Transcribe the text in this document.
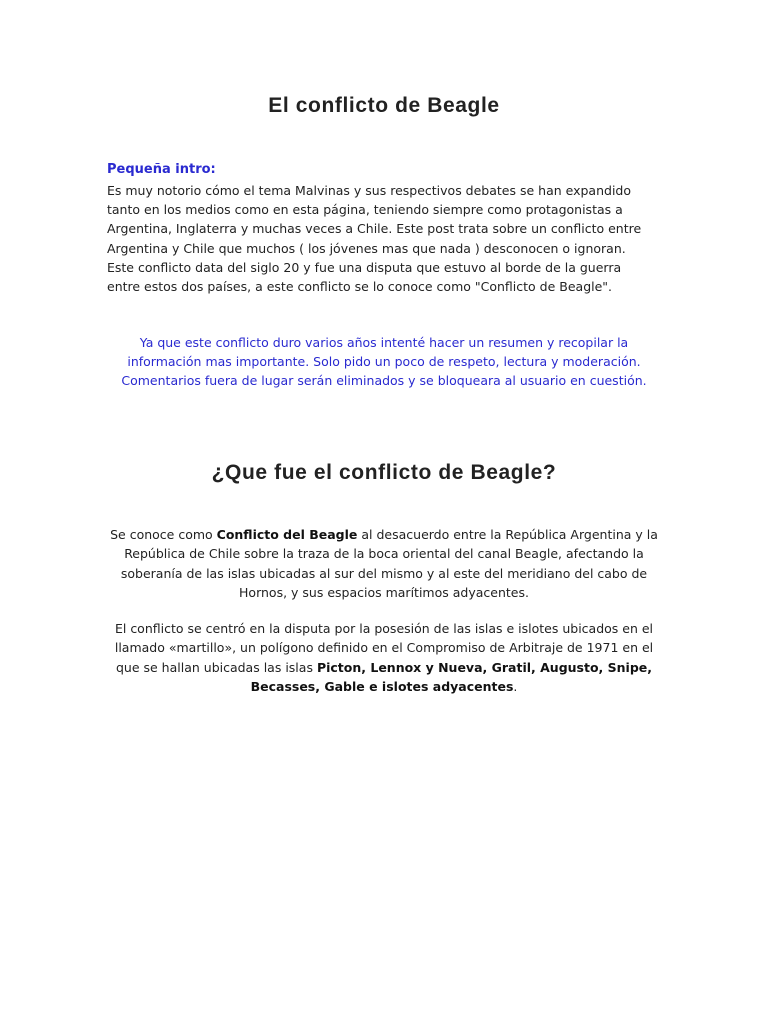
El conflicto de Beagle

Pequeña intro:

Es muy notorio cómo el tema Malvinas y sus respectivos debates se han expandido
tanto en los medios como en esta página, teniendo siempre como protagonistas a
Argentina, Inglaterra y muchas veces a Chile. Este post trata sobre un conflicto entre
Argentina y Chile que muchos ( los jóvenes mas que nada ) desconocen o ignoran.
Este conflicto data del siglo 20 y fue una disputa que estuvo al borde de la guerra
entre estos dos países, a este conflicto se lo conoce como "Conflicto de Beagle".

Ya que este conflicto duro varios años intenté hacer un resumen y recopilar la
información mas importante. Solo pido un poco de respeto, lectura y moderación.
Comentarios fuera de lugar serán eliminados y se bloqueara al usuario en cuestión.

¿Que fue el conflicto de Beagle?

Se conoce como Conflicto del Beagle al desacuerdo entre la República Argentina y la
República de Chile sobre la traza de la boca oriental del canal Beagle, afectando la
soberanía de las islas ubicadas al sur del mismo y al este del meridiano del cabo de
Hornos, y sus espacios marítimos adyacentes.

El conflicto se centró en la disputa por la posesión de las islas e islotes ubicados en el
llamado «martillo», un polígono definido en el Compromiso de Arbitraje de 1971 en el
que se hallan ubicadas las islas Picton, Lennox y Nueva, Gratil, Augusto, Snipe,
Becasses, Gable e islotes adyacentes.
